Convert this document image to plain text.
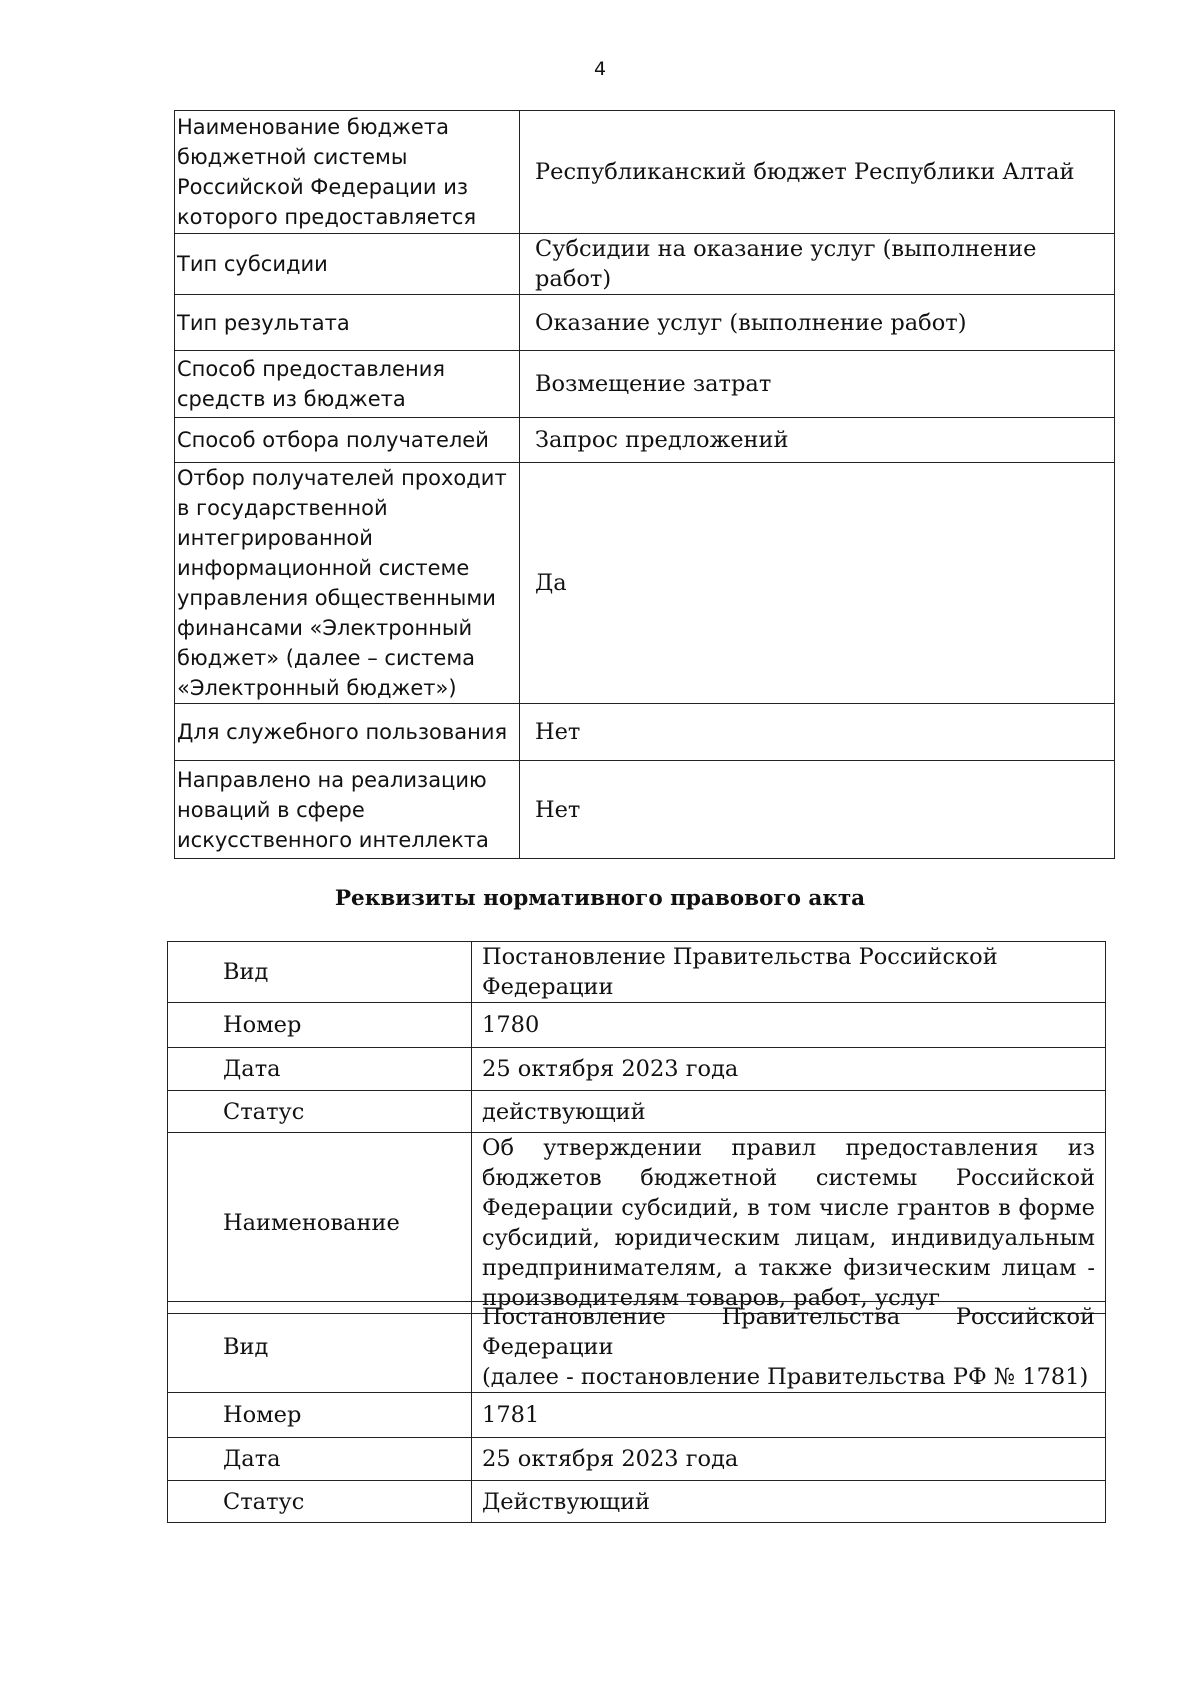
4
Наименование бюджета бюджетной системы Российской Федерации из которого предоставляется	Республиканский бюджет Республики Алтай
Тип субсидии	Субсидии на оказание услуг (выполнение работ)
Тип результата	Оказание услуг (выполнение работ)
Способ предоставления средств из бюджета	Возмещение затрат
Способ отбора получателей	Запрос предложений
Отбор получателей проходит в государственной интегрированной информационной системе управления общественными финансами «Электронный бюджет» (далее – система «Электронный бюджет»)	Да
Для служебного пользования	Нет
Направлено на реализацию новаций в сфере искусственного интеллекта	Нет
Реквизиты нормативного правового акта
Вид	Постановление Правительства Российской Федерации
Номер	1780
Дата	25 октября 2023 года
Статус	действующий
Наименование	Об утверждении правил предоставления из бюджетов бюджетной системы Российской Федерации субсидий, в том числе грантов в форме субсидий, юридическим лицам, индивидуальным предпринимателям, а также физическим лицам - производителям товаров, работ, услуг
Вид	Постановление Правительства Российской Федерации
(далее - постановление Правительства РФ № 1781)

Номер	1781
Дата	25 октября 2023 года
Статус	Действующий
